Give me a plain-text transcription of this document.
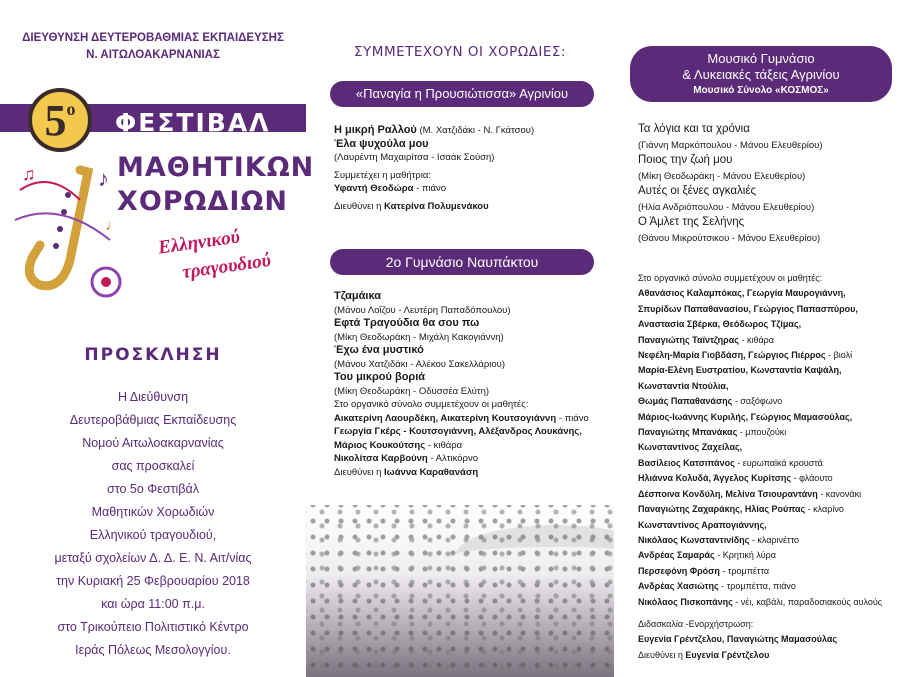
ΔΙΕΥΘΥΝΣΗ ΔΕΥΤΕΡΟΒΑΘΜΙΑΣ ΕΚΠΑΙΔΕΥΣΗΣ
Ν. ΑΙΤΩΛΟΑΚΑΡΝΑΝΙΑΣ
♪
♫
♩
$5^o$ ΦΕΣΤΙΒΑΛ
ΜΑΘΗΤΙΚΩΝ
ΧΟΡΩΔΙΩΝ
Ελληνικού
τραγουδιού
ΠΡΟΣΚΛΗΣΗ
Η Διεύθυνση
Δευτεροβάθμιας Εκπαίδευσης
Νομού Αιτωλοακαρνανίας
σας προσκαλεί
στο 5ο Φεστιβάλ
Μαθητικών Χορωδιών
Ελληνικού τραγουδιού,
μεταξύ σχολείων Δ. Δ. Ε. Ν. Αιτ/νίας
την Κυριακή 25 Φεβρουαρίου 2018
και ώρα 11:00 π.μ.
στο Τρικούπειο Πολιτιστικό Κέντρο
Ιεράς Πόλεως Μεσολογγίου.
ΣΥΜΜΕΤΕΧΟΥΝ ΟΙ ΧΟΡΩΔΙΕΣ:
«Παναγία η Προυσιώτισσα» Αγρινίου
Η μικρή Ραλλού (Μ. Χατζιδάκι - Ν. Γκάτσου)
Έλα ψυχούλα μου
(Λαυρέντη Μαχαιρίτσα - Ισαάκ Σούση)
Συμμετέχει η μαθήτρια:
Υφαντή Θεοδώρα - πιάνο
Διευθύνει η Κατερίνα Πολυμενάκου
2ο Γυμνάσιο Ναυπάκτου
Τζαμάικα
(Μάνου Λοΐζου - Λευτέρη Παπαδόπουλου)
Εφτά Τραγούδια θα σου πω
(Μίκη Θεοδωράκη - Μιχάλη Κακογιάννη)
Έχω ένα μυστικό
(Μάνου Χατζιδάκι - Αλέκου Σακελλάριου)
Του μικρού βοριά
(Μίκη Θεοδωράκη - Οδυσσέα Ελύτη)
Στο οργανικό σύνολο συμμετέχουν οι μαθητές:
Αικατερίνη Λαουρδέκη, Αικατερίνη Κουτσογιάννη - πιάνο
Γεωργία Γκέρς - Κουτσογιάννη, Αλέξανδρος Λουκάνης,
Μάριος Κουκούτσης - κιθάρα
Νικολίτσα Καρβούνη - Αλτικόρνο
Διευθύνει η Ιωάννα Καραθανάση
Μουσικό Γυμνάσιο
& Λυκειακές τάξεις Αγρινίου
Μουσικό Σύνολο «ΚΟΣΜΟΣ»
Τα λόγια και τα χρόνια
(Γιάννη Μαρκόπουλου - Μάνου Ελευθερίου)
Ποιος την ζωή μου
(Μίκη Θεοδωράκη - Μάνου Ελευθερίου)
Αυτές οι ξένες αγκαλιές
(Ηλία Ανδριόπουλου - Μάνου Ελευθερίου)
Ο Άμλετ της Σελήνης
(Θάνου Μικρούτσικου - Μάνου Ελευθερίου)
Στο οργανικό σύνολο συμμετέχουν οι μαθητές:
Αθανάσιος Καλαμπόκας, Γεωργία Μαυρογιάννη,
Σπυρίδων Παπαθανασίου, Γεώργιος Παπασπύρου,
Αναστασία Σβέρκα, Θεόδωρος Τζίμας,
Παναγιώτης Ταϊντζηρας - κιθάρα
Νεφέλη-Μαρία Γιοβδάση, Γεώργιος Πιέρρος - βιολί
Μαρία-Ελένη Ευστρατίου, Κωνσταντία Καψάλη,
Κωνσταντία Ντούλια,
Θωμάς Παπαθανάσης - σαξόφωνο
Μάριος-Ιωάννης Κυριλής, Γεώργιος Μαμασούλας,
Παναγιώτης Μπανάκας - μπουζούκι
Κωνσταντίνος Ζαχείλας,
Βασίλειος Κατσιπάνος - ευρωπαϊκά κρουστά
Ηλιάννα Κολυδά, Άγγελος Κυρίτσης - φλάουτο
Δέσποινα Κονδύλη, Μελίνα Τσιουραντάνη - κανονάκι
Παναγιώτης Ζαχαράκης, Ηλίας Ρούπας - κλαρίνο
Κωνσταντίνος Αραπογιάννης,
Νικόλαος Κωνσταντινίδης - κλαρινέττο
Ανδρέας Σαμαράς - Κρητική λύρα
Περσεφόνη Φρόση - τρομπέττα
Ανδρέας Χασιώτης - τρομπέττα, πιάνο
Νικόλαος Πισκοπάνης - νέι, καβάλι, παραδοσιακούς αυλούς
Διδασκαλία -Ενορχήστρωση:
Ευγενία Γρέντζελου, Παναγιώτης Μαμασούλας
Διευθύνει η Ευγενία Γρέντζελου
